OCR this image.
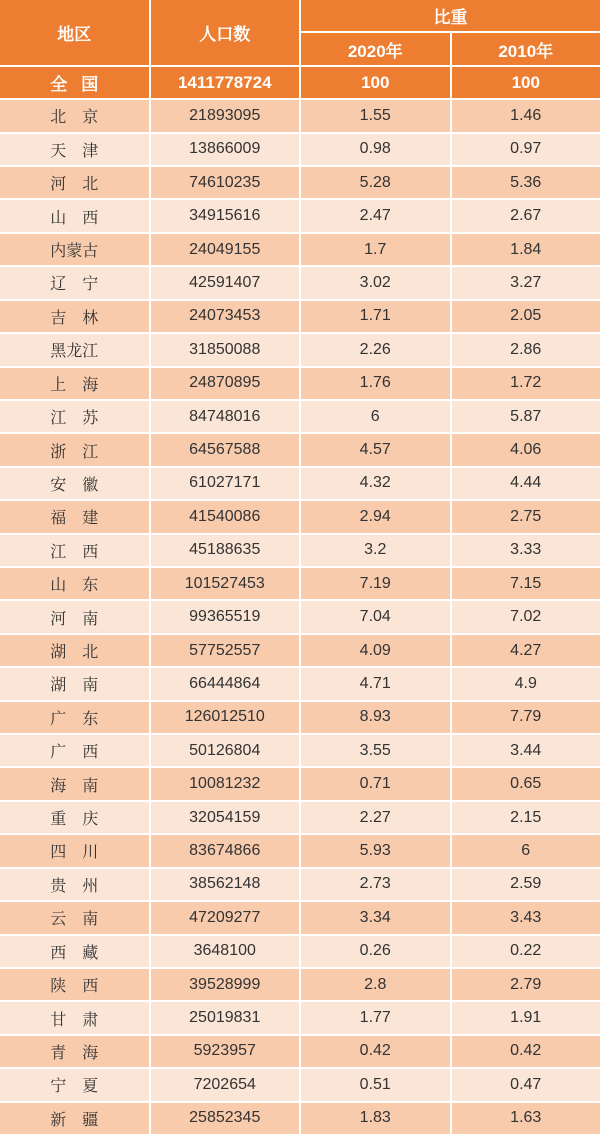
地区	人口数
比重
2020年	2010年
全国	1411778724	100	100
北京	21893095	1.55	1.46
天津	13866009	0.98	0.97
河北	74610235	5.28	5.36
山西	34915616	2.47	2.67
内蒙古	24049155	1.7	1.84
辽宁	42591407	3.02	3.27
吉林	24073453	1.71	2.05
黑龙江	31850088	2.26	2.86
上海	24870895	1.76	1.72
江苏	84748016	6	5.87
浙江	64567588	4.57	4.06
安徽	61027171	4.32	4.44
福建	41540086	2.94	2.75
江西	45188635	3.2	3.33
山东	101527453	7.19	7.15
河南	99365519	7.04	7.02
湖北	57752557	4.09	4.27
湖南	66444864	4.71	4.9
广东	126012510	8.93	7.79
广西	50126804	3.55	3.44
海南	10081232	0.71	0.65
重庆	32054159	2.27	2.15
四川	83674866	5.93	6
贵州	38562148	2.73	2.59
云南	47209277	3.34	3.43
西藏	3648100	0.26	0.22
陕西	39528999	2.8	2.79
甘肃	25019831	1.77	1.91
青海	5923957	0.42	0.42
宁夏	7202654	0.51	0.47
新疆	25852345	1.83	1.63
